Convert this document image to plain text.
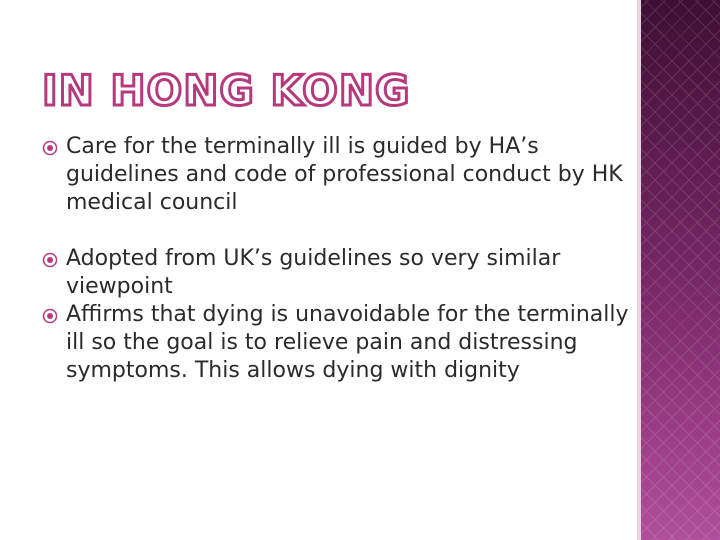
IN HONG KONG
Care for the terminally ill is guided by HA’s guidelines and code of professional conduct by HK medical council
Adopted from UK’s guidelines so very similar viewpoint
Affirms that dying is unavoidable for the terminally ill so the goal is to relieve pain and distressing symptoms. This allows dying with dignity
